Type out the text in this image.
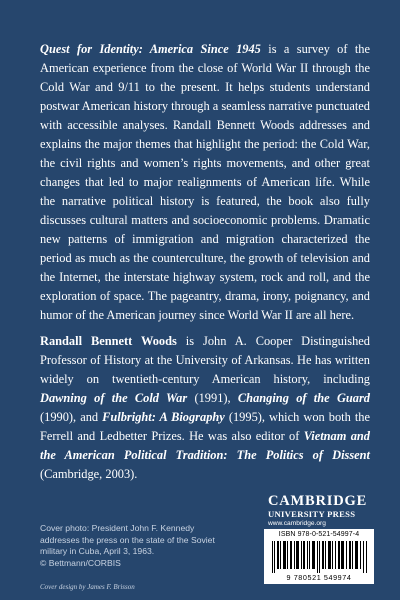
Quest for Identity: America Since 1945 is a survey of the American experience from the close of World War II through the Cold War and 9/11 to the present. It helps students understand postwar American history through a seamless narrative punctuated with accessible analyses. Randall Bennett Woods addresses and explains the major themes that highlight the period: the Cold War, the civil rights and women’s rights movements, and other great changes that led to major realignments of American life. While the narrative political history is featured, the book also fully discusses cultural matters and socioeconomic problems. Dramatic new patterns of immigration and migration characterized the period as much as the counterculture, the growth of television and the Internet, the interstate highway system, rock and roll, and the exploration of space. The pageantry, drama, irony, poignancy, and humor of the American journey since World War II are all here.

Randall Bennett Woods is John A. Cooper Distinguished Professor of History at the University of Arkansas. He has written widely on twentieth-century American history, including Dawning of the Cold War (1991), Changing of the Guard (1990), and Fulbright: A Biography (1995), which won both the Ferrell and Ledbetter Prizes. He was also editor of Vietnam and the American Political Tradition: The Politics of Dissent (Cambridge, 2003).

Cover photo: President John F. Kennedy
addresses the press on the state of the Soviet
military in Cuba, April 3, 1963.
© Bettmann/CORBIS
Cover design by James F. Brisson
CAMBRIDGE
UNIVERSITY PRESS
www.cambridge.org
ISBN 978-0-521-54997-4
9 780521 549974
